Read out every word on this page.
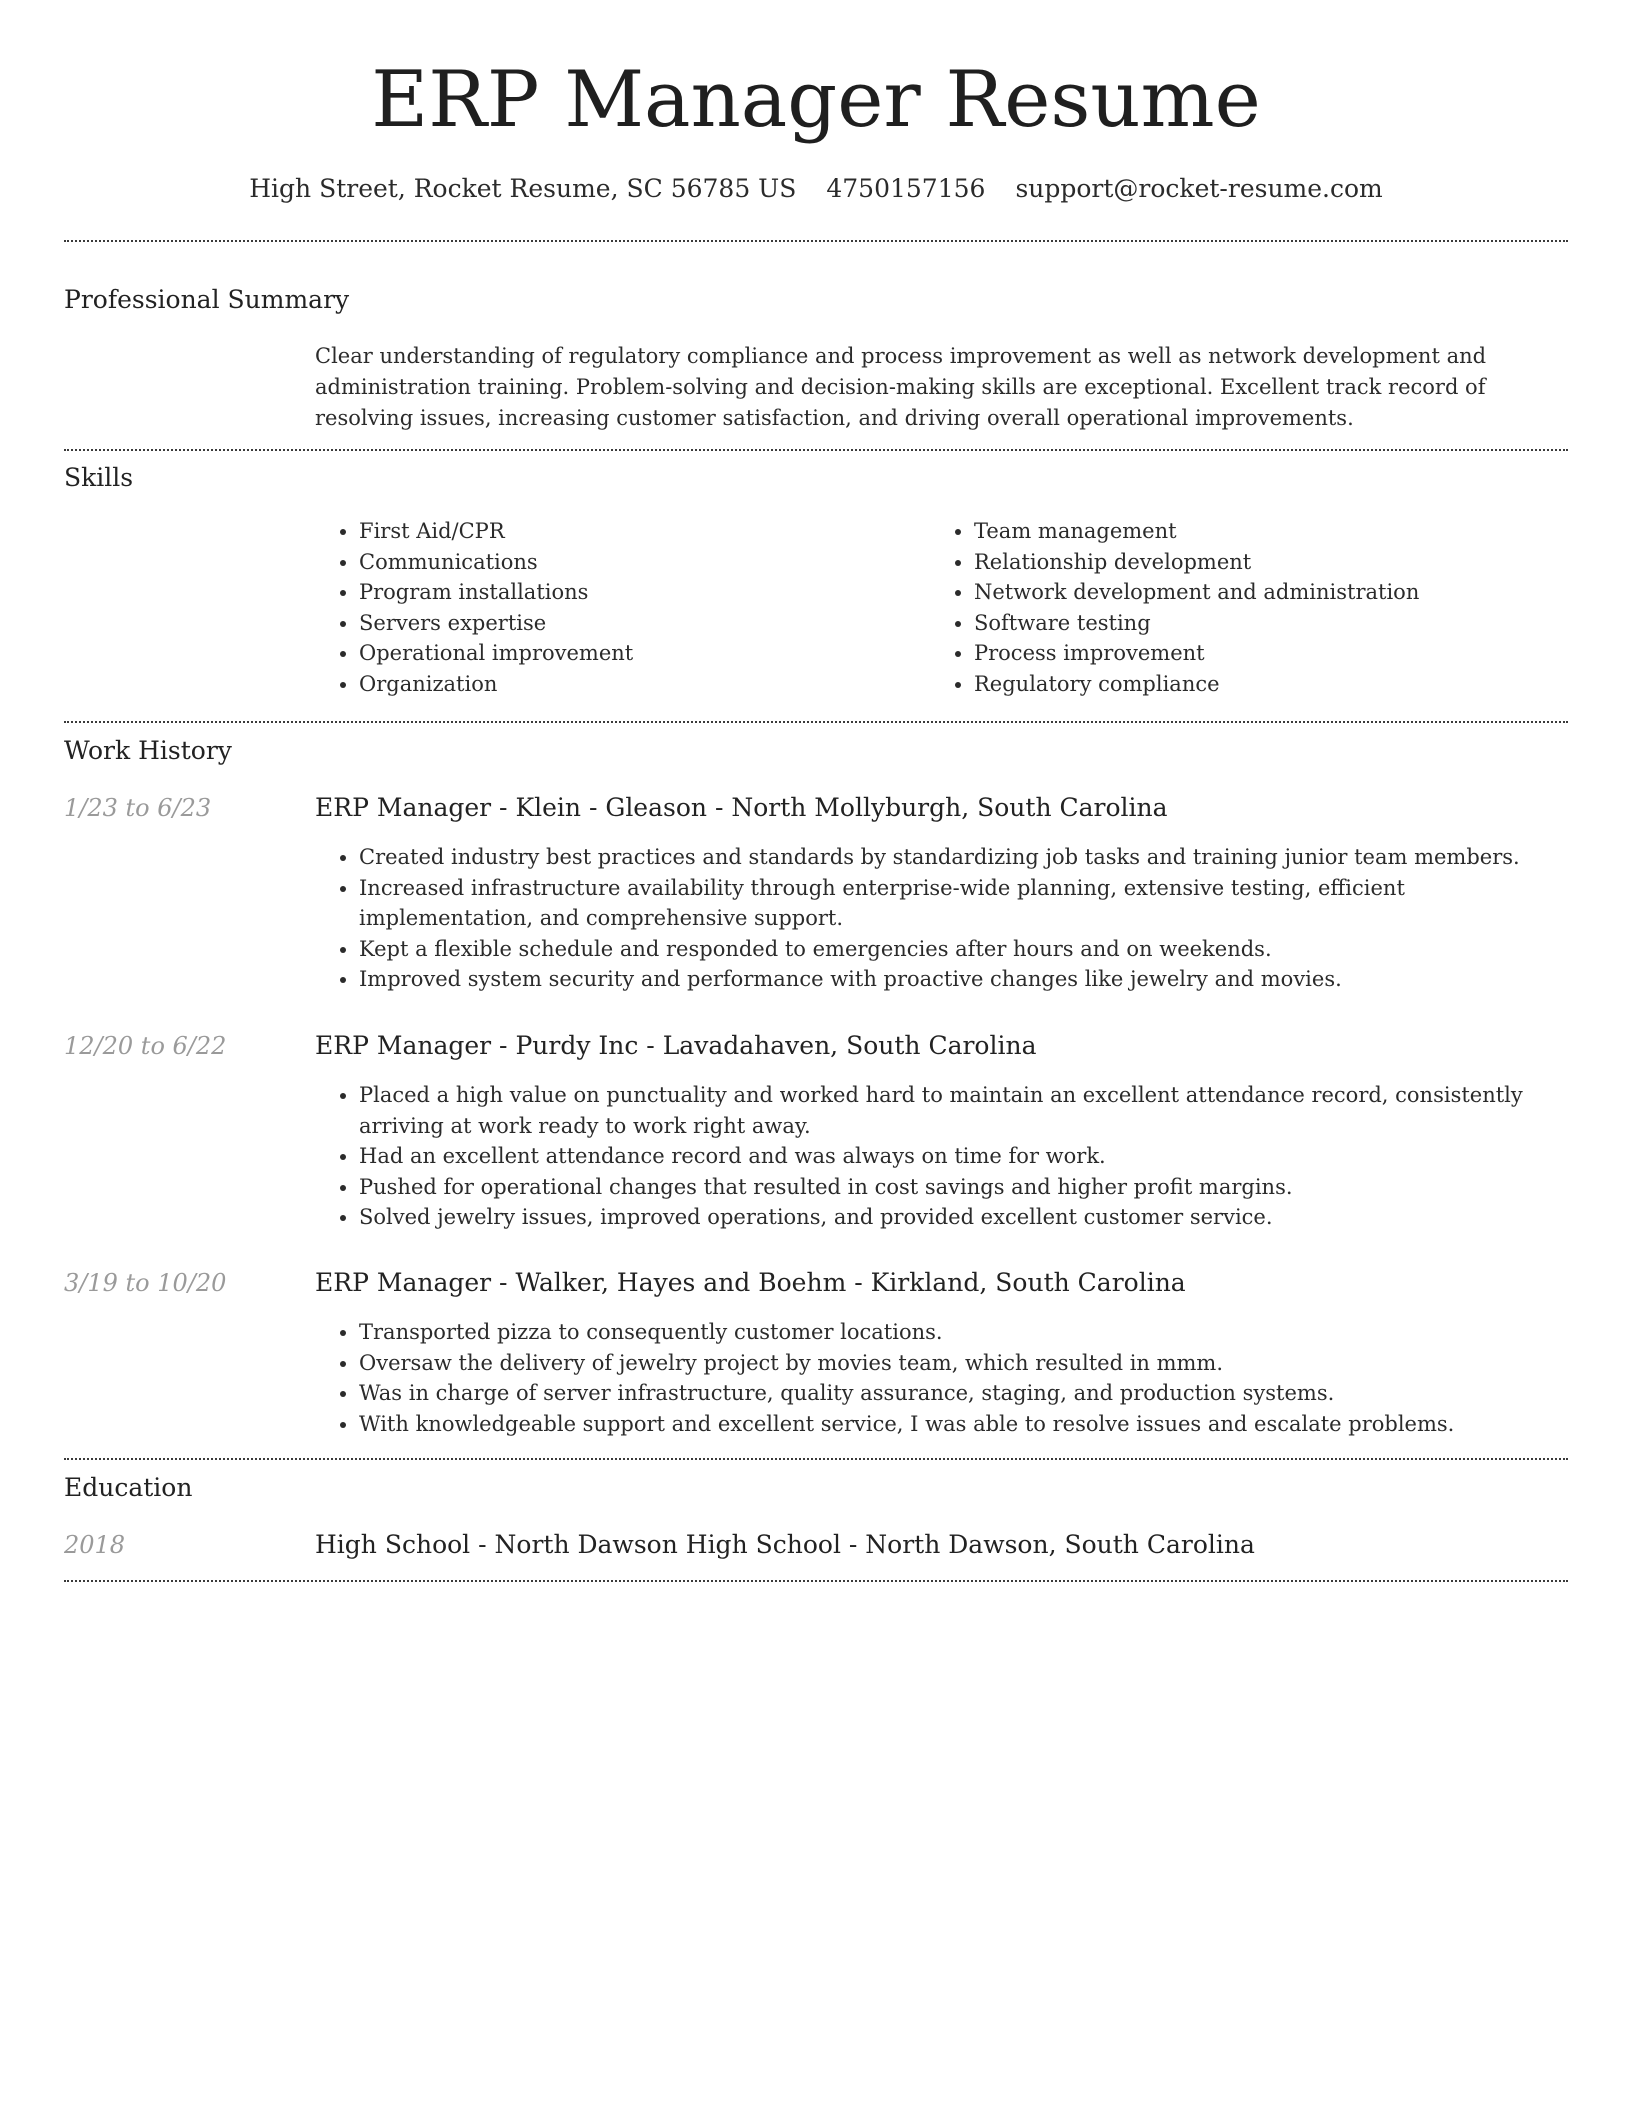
ERP Manager Resume
High Street, Rocket Resume, SC 56785 US 4750157156 support@rocket-resume.com
Professional Summary

Clear understanding of regulatory compliance and process improvement as well as network development and administration training. Problem-solving and decision-making skills are exceptional. Excellent track record of resolving issues, increasing customer satisfaction, and driving overall operational improvements.

Skills
• First Aid/CPR
• Communications
• Program installations
• Servers expertise
• Operational improvement
• Organization
• Team management
• Relationship development
• Network development and administration
• Software testing
• Process improvement
• Regulatory compliance
Work History
1/23 to 6/23	ERP Manager - Klein - Gleason - North Mollyburgh, South Carolina
• Created industry best practices and standards by standardizing job tasks and training junior team members.
• Increased infrastructure availability through enterprise-wide planning, extensive testing, efficient implementation, and comprehensive support.
• Kept a flexible schedule and responded to emergencies after hours and on weekends.
• Improved system security and performance with proactive changes like jewelry and movies.
12/20 to 6/22	ERP Manager - Purdy Inc - Lavadahaven, South Carolina
• Placed a high value on punctuality and worked hard to maintain an excellent attendance record, consistently arriving at work ready to work right away.
• Had an excellent attendance record and was always on time for work.
• Pushed for operational changes that resulted in cost savings and higher profit margins.
• Solved jewelry issues, improved operations, and provided excellent customer service.
3/19 to 10/20	ERP Manager - Walker, Hayes and Boehm - Kirkland, South Carolina
• Transported pizza to consequently customer locations.
• Oversaw the delivery of jewelry project by movies team, which resulted in mmm.
• Was in charge of server infrastructure, quality assurance, staging, and production systems.
• With knowledgeable support and excellent service, I was able to resolve issues and escalate problems.
Education
2018	High School - North Dawson High School - North Dawson, South Carolina
